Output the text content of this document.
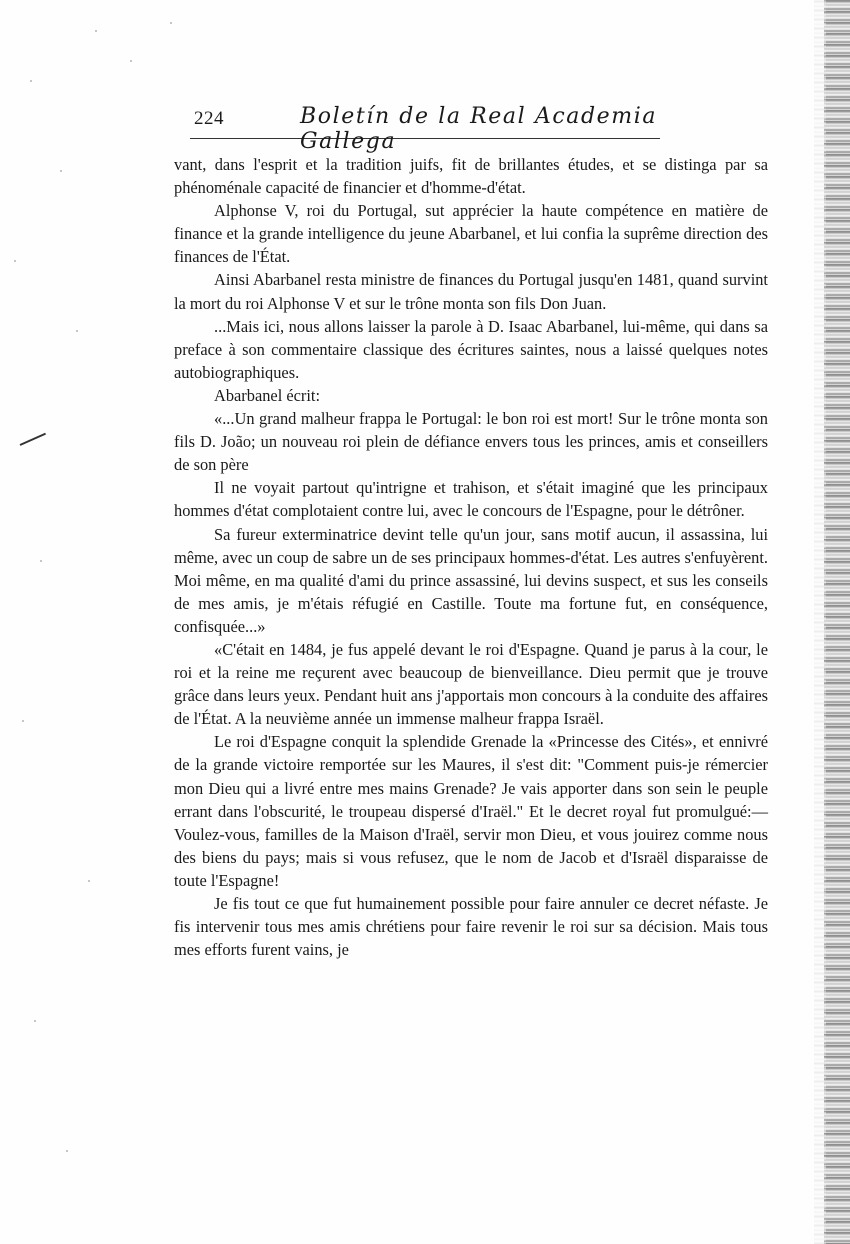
224	Boletín de la Real Academia Gallega

vant, dans l'esprit et la tradition juifs, fit de brillantes études, et se distinga par sa phénoménale capacité de financier et d'homme-d'état.

Alphonse V, roi du Portugal, sut apprécier la haute compétence en matière de finance et la grande intelligence du jeune Abarbanel, et lui confia la suprême direction des finances de l'État.

Ainsi Abarbanel resta ministre de finances du Portugal jusqu'en 1481, quand survint la mort du roi Alphonse V et sur le trône monta son fils Don Juan.

...Mais ici, nous allons laisser la parole à D. Isaac Abarbanel, lui-même, qui dans sa preface à son commentaire classique des écritures saintes, nous a laissé quelques notes autobiographiques.

Abarbanel écrit:

«...Un grand malheur frappa le Portugal: le bon roi est mort! Sur le trône monta son fils D. João; un nouveau roi plein de défiance envers tous les princes, amis et conseillers de son père

Il ne voyait partout qu'intrigne et trahison, et s'était imaginé que les principaux hommes d'état complotaient contre lui, avec le concours de l'Espagne, pour le détrôner.

Sa fureur exterminatrice devint telle qu'un jour, sans motif aucun, il assassina, lui même, avec un coup de sabre un de ses principaux hommes-d'état. Les autres s'enfuyèrent. Moi même, en ma qualité d'ami du prince assassiné, lui devins suspect, et sus les conseils de mes amis, je m'étais réfugié en Castille. Toute ma fortune fut, en conséquence, confisquée...»

«C'était en 1484, je fus appelé devant le roi d'Espagne. Quand je parus à la cour, le roi et la reine me reçurent avec beaucoup de bienveillance. Dieu permit que je trouve grâce dans leurs yeux. Pendant huit ans j'apportais mon concours à la conduite des affaires de l'État. A la neuvième année un immense malheur frappa Israël.

Le roi d'Espagne conquit la splendide Grenade la «Princesse des Cités», et ennivré de la grande victoire remportée sur les Maures, il s'est dit: "Comment puis-je rémercier mon Dieu qui a livré entre mes mains Grenade? Je vais apporter dans son sein le peuple errant dans l'obscurité, le troupeau dispersé d'Iraël." Et le decret royal fut promulgué:—Voulez-vous, familles de la Maison d'Iraël, servir mon Dieu, et vous jouirez comme nous des biens du pays; mais si vous refusez, que le nom de Jacob et d'Israël disparaisse de toute l'Espagne!

Je fis tout ce que fut humainement possible pour faire annuler ce decret néfaste. Je fis intervenir tous mes amis chrétiens pour faire revenir le roi sur sa décision. Mais tous mes efforts furent vains, je
